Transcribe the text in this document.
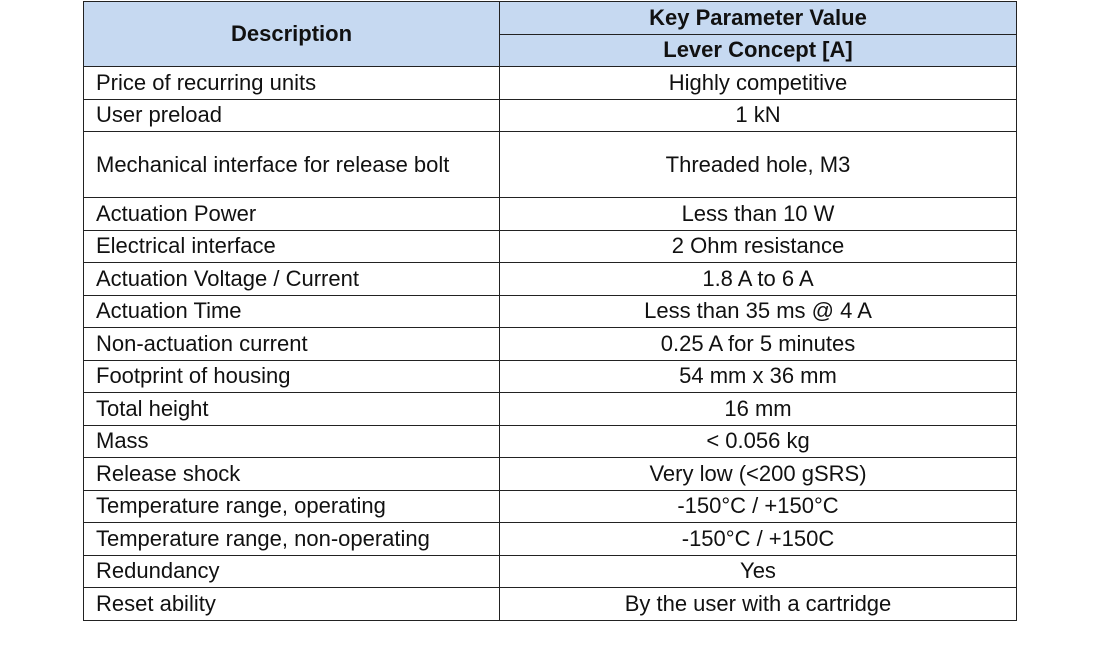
Description	Key Parameter Value
	Lever Concept [A]
Price of recurring units	Highly competitive
User preload	1 kN
Mechanical interface for release bolt	Threaded hole, M3
Actuation Power	Less than 10 W
Electrical interface	2 Ohm resistance
Actuation Voltage / Current	1.8 A to 6 A
Actuation Time	Less than 35 ms @ 4 A
Non-actuation current	0.25 A for 5 minutes
Footprint of housing	54 mm x 36 mm
Total height	16 mm
Mass	< 0.056 kg
Release shock	Very low (<200 gSRS)
Temperature range, operating	-150°C / +150°C
Temperature range, non-operating	-150°C / +150C
Redundancy	Yes
Reset ability	By the user with a cartridge
